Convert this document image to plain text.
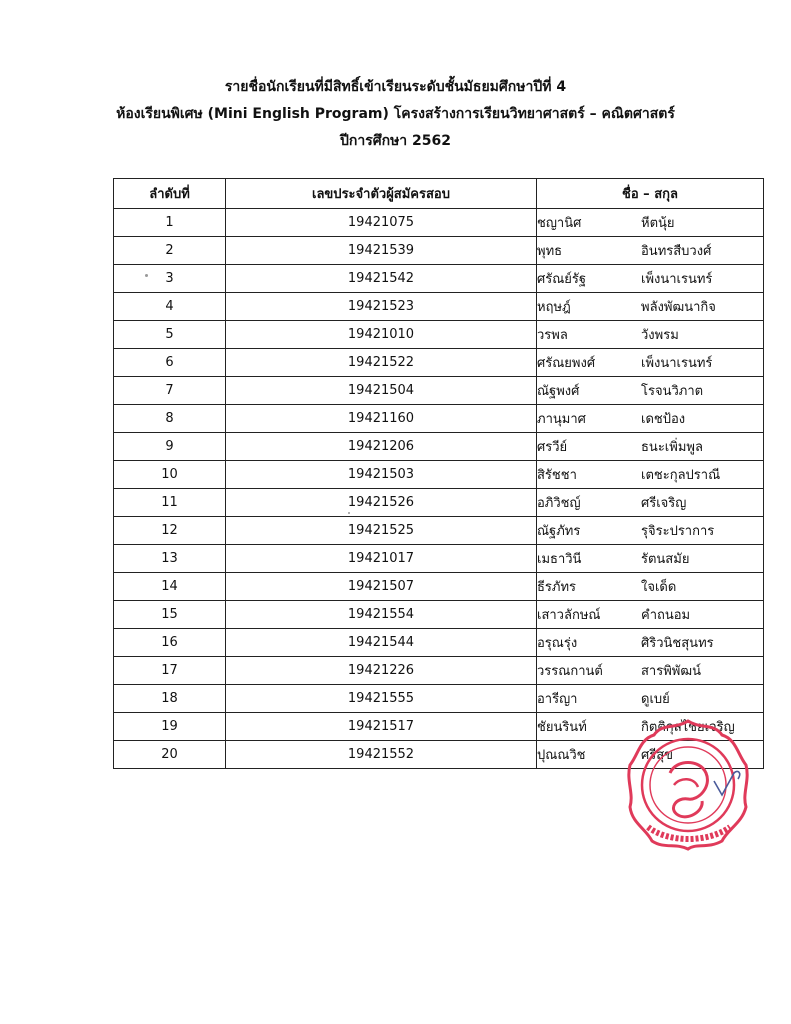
รายชื่อนักเรียนที่มีสิทธิ์เข้าเรียนระดับชั้นมัธยมศึกษาปีที่ 4
ห้องเรียนพิเศษ (Mini English Program) โครงสร้างการเรียนวิทยาศาสตร์ – คณิตศาสตร์
ปีการศึกษา 2562
ลำดับที่	เลขประจำตัวผู้สมัครสอบ	ชื่อ – สกุล
1	19421075	ชญานิศ หีตนุ้ย
2	19421539	พุทธ อินทรสืบวงศ์
3	19421542	ศรัณย์รัฐ เพ็งนาเรนทร์
4	19421523	หฤษฎ์ พลังพัฒนากิจ
5	19421010	วรพล วังพรม
6	19421522	ศรัณยพงศ์ เพ็งนาเรนทร์
7	19421504	ณัฐพงศ์ โรจนวิภาต
8	19421160	ภานุมาศ เดชป้อง
9	19421206	ศรวีย์ ธนะเพิ่มพูล
10	19421503	สิรัชชา เตชะกุลปราณี
11	19421526	อภิวิชญ์ ศรีเจริญ
12	19421525	ณัฐภัทร รุจิระปราการ
13	19421017	เมธาวินี รัตนสมัย
14	19421507	ธีรภัทร ใจเด็ด
15	19421554	เสาวลักษณ์ คำถนอม
16	19421544	อรุณรุ่ง ศิริวนิชสุนทร
17	19421226	วรรณกานต์ สารพิพัฒน์
18	19421555	อารีญา ดูเบย์
19	19421517	ชัยนรินท์ กิตติกุลไชยเจริญ
20	19421552	ปุณณวิช ศรีสุข
